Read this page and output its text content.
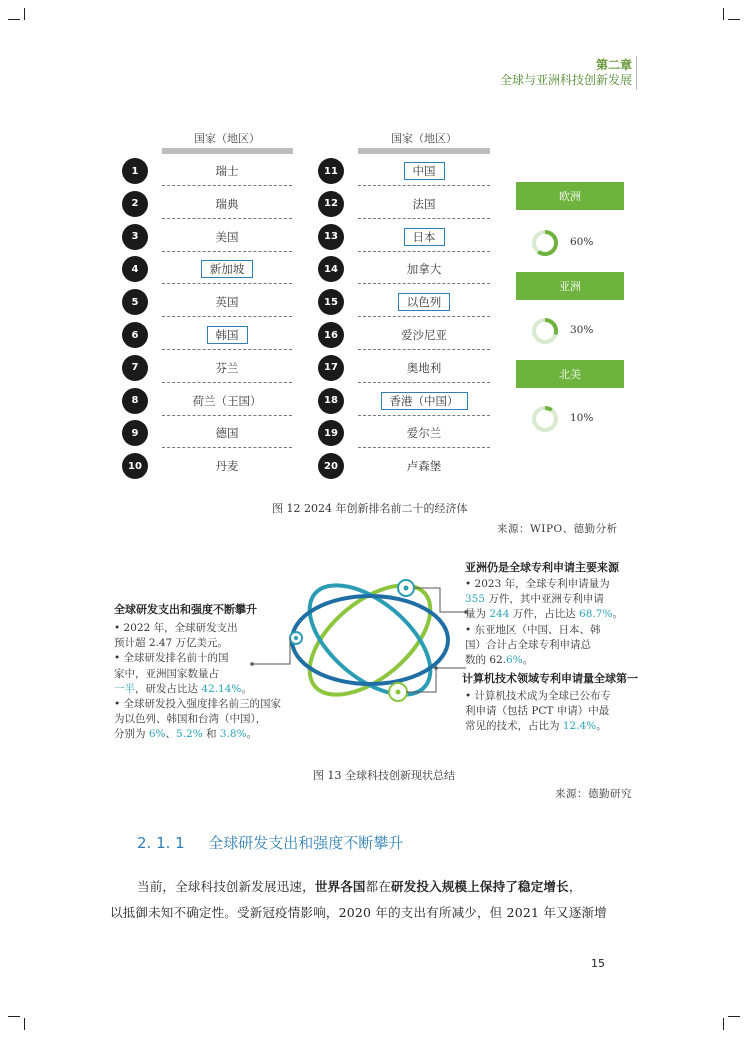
第二章
全球与亚洲科技创新发展
国家（地区）	国家（地区）
1	瑞士
2	瑞典
3	美国
4	新加坡
5	英国
6	韩国
7	芬兰
8	荷兰（王国）
9	德国
10	丹麦
11	中国
12	法国
13	日本
14	加拿大
15	以色列
16	爱沙尼亚
17	奥地利
18	香港（中国）
19	爱尔兰
20	卢森堡
欧洲
60%
亚洲
30%
北美
10%
图 12 2024 年创新排名前二十的经济体
来源：WIPO、德勤分析
全球研发支出和强度不断攀升
• 2022 年，全球研发支出
预计超 2.47 万亿美元。
• 全球研发排名前十的国
家中，亚洲国家数量占
一半，研发占比达 42.14%。
• 全球研发投入强度排名前三的国家
为以色列、韩国和台湾（中国），
分别为 6%、5.2% 和 3.8%。
亚洲仍是全球专利申请主要来源
• 2023 年，全球专利申请量为
355 万件，其中亚洲专利申请
量为 244 万件，占比达 68.7%。
• 东亚地区（中国、日本、韩
国）合计占全球专利申请总
数的 62.6%。
计算机技术领域专利申请量全球第一
• 计算机技术成为全球已公布专
利申请（包括 PCT 申请）中最
常见的技术，占比为 12.4%。
图 13 全球科技创新现状总结
来源：德勤研究
2. 1. 1 全球研发支出和强度不断攀升
当前，全球科技创新发展迅速，世界各国都在研发投入规模上保持了稳定增长，
以抵御未知不确定性。受新冠疫情影响，2020 年的支出有所减少，但 2021 年又逐渐增
15
